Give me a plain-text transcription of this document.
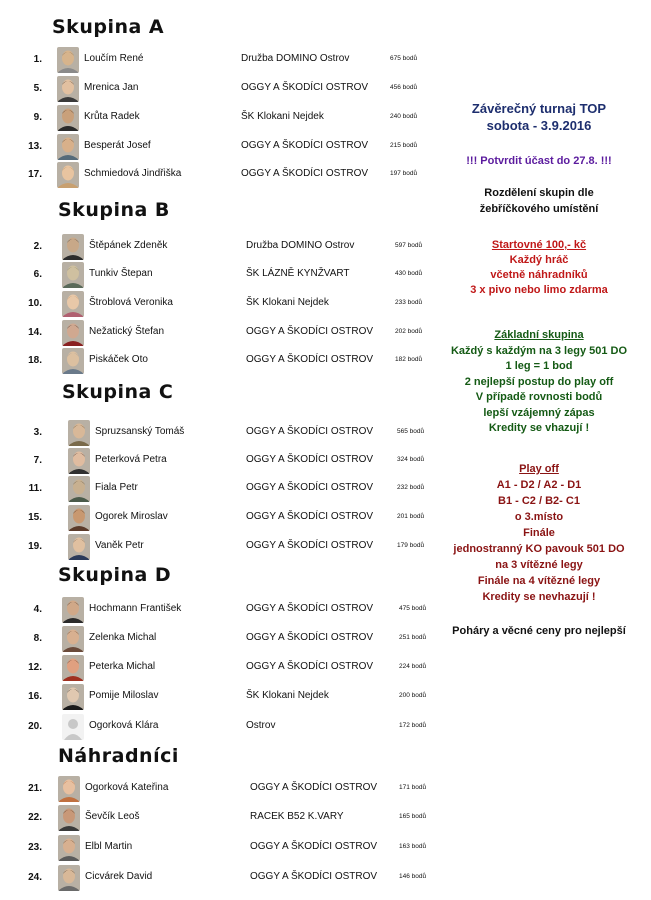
Skupina A
Skupina B
Skupina C
Skupina D
Náhradníci
1.	Loučím René	Družba DOMINO Ostrov	675 bodů
5.	Mrenica Jan	OGGY A ŠKODÍCI OSTROV	456 bodů
9.	Krůta Radek	ŠK Klokani Nejdek	240 bodů
13.	Besperát Josef	OGGY A ŠKODÍCI OSTROV	215 bodů
17.	Schmiedová Jindřiška	OGGY A ŠKODÍCI OSTROV	197 bodů
2.	Štěpánek Zdeněk	Družba DOMINO Ostrov	597 bodů
6.	Tunkiv Štepan	ŠK LÁZNĚ KYNŽVART	430 bodů
10.	Štroblová Veronika	ŠK Klokani Nejdek	233 bodů
14.	Nežatický Štefan	OGGY A ŠKODÍCI OSTROV	202 bodů
18.	Piskáček Oto	OGGY A ŠKODÍCI OSTROV	182 bodů
3.	Spruzsanský Tomáš	OGGY A ŠKODÍCI OSTROV	565 bodů
7.	Peterková Petra	OGGY A ŠKODÍCI OSTROV	324 bodů
11.	Fiala Petr	OGGY A ŠKODÍCI OSTROV	232 bodů
15.	Ogorek Miroslav	OGGY A ŠKODÍCI OSTROV	201 bodů
19.	Vaněk Petr	OGGY A ŠKODÍCI OSTROV	179 bodů
4.	Hochmann František	OGGY A ŠKODÍCI OSTROV	475 bodů
8.	Zelenka Michal	OGGY A ŠKODÍCI OSTROV	251 bodů
12.	Peterka Michal	OGGY A ŠKODÍCI OSTROV	224 bodů
16.	Pomije Miloslav	ŠK Klokani Nejdek	200 bodů
20.	Ogorková Klára	Ostrov	172 bodů
21.	Ogorková Kateřina	OGGY A ŠKODÍCI OSTROV	171 bodů
22.	Ševčík Leoš	RACEK B52 K.VARY	165 bodů
23.	Elbl Martin	OGGY A ŠKODÍCI OSTROV	163 bodů
24.	Cicvárek David	OGGY A ŠKODÍCI OSTROV	146 bodů
Závěrečný turnaj TOP
sobota - 3.9.2016
!!! Potvrdit účast do 27.8. !!!
Rozdělení skupin dle
žebříčkového umístění
Startovné 100,- kč
Každý hráč
včetně náhradníků
3 x pivo nebo limo zdarma
Základní skupina
Každý s každým na 3 legy 501 DO
1 leg = 1 bod
2 nejlepší postup do play off
V případě rovnosti bodů
lepší vzájemný zápas
Kredity se vhazují !
Play off
A1 - D2 / A2 - D1
B1 - C2 / B2- C1
o 3.místo
Finále
jednostranný KO pavouk 501 DO
na 3 vítězné legy
Finále na 4 vítězné legy
Kredity se nevhazují !
Poháry a věcné ceny pro nejlepší
